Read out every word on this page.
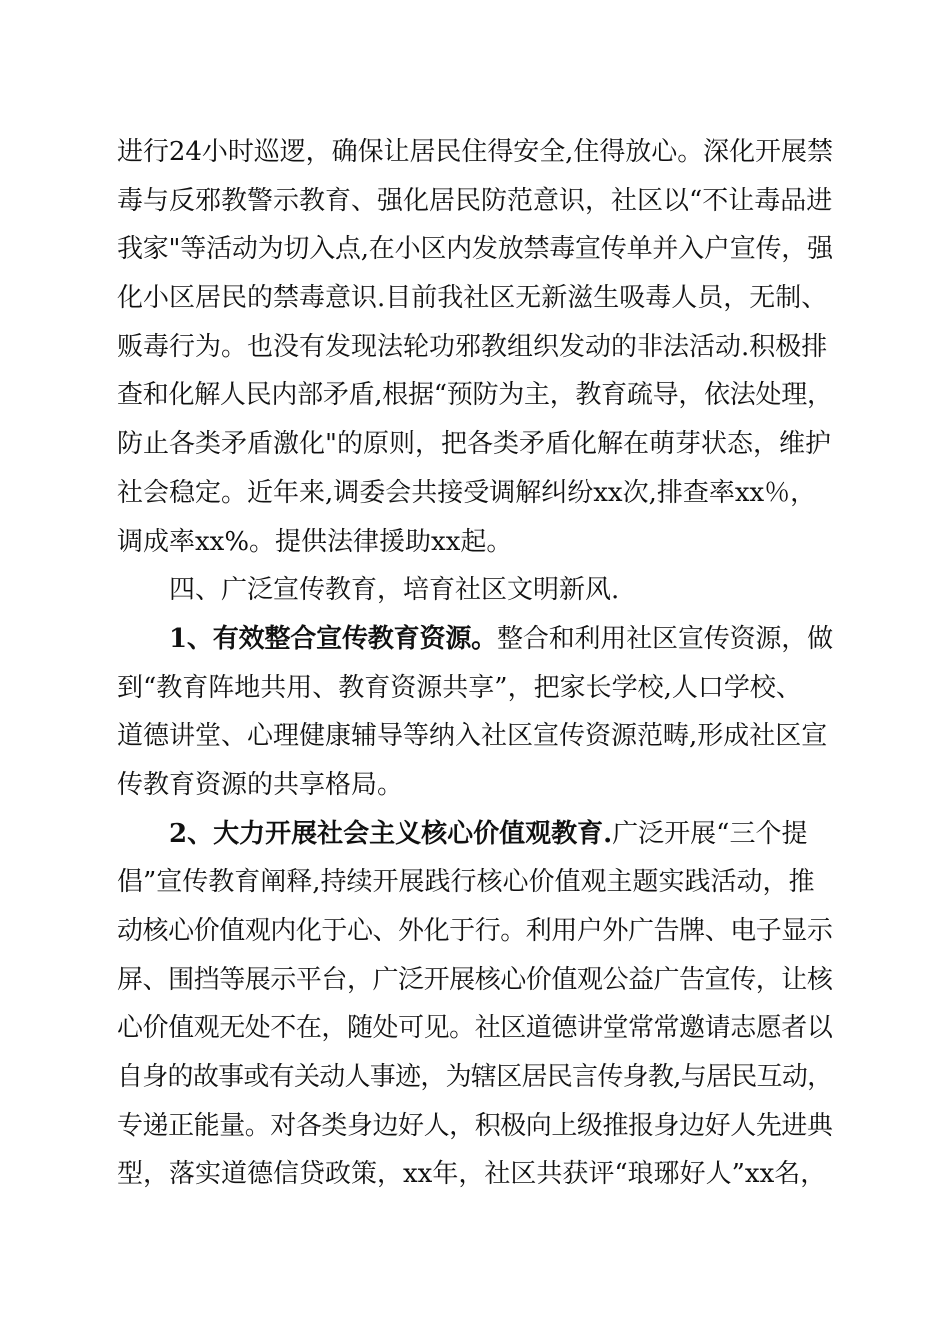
进行24小时巡逻，确保让居民住得安全,住得放心。深化开展禁
毒与反邪教警示教育、强化居民防范意识，社区以“不让毒品进
我家"等活动为切入点,在小区内发放禁毒宣传单并入户宣传，强
化小区居民的禁毒意识.目前我社区无新滋生吸毒人员，无制、
贩毒行为。也没有发现法轮功邪教组织发动的非法活动.积极排
查和化解人民内部矛盾,根据“预防为主，教育疏导，依法处理，
防止各类矛盾激化"的原则，把各类矛盾化解在萌芽状态，维护
社会稳定。近年来,调委会共接受调解纠纷xx次,排查率xx％，
调成率xx%。提供法律援助xx起。
四、广泛宣传教育，培育社区文明新风.
1、有效整合宣传教育资源。整合和利用社区宣传资源，做
到“教育阵地共用、教育资源共享”，把家长学校,人口学校、
道德讲堂、心理健康辅导等纳入社区宣传资源范畴,形成社区宣
传教育资源的共享格局。
2、大力开展社会主义核心价值观教育.广泛开展“三个提
倡”宣传教育阐释,持续开展践行核心价值观主题实践活动，推
动核心价值观内化于心、外化于行。利用户外广告牌、电子显示
屏、围挡等展示平台，广泛开展核心价值观公益广告宣传，让核
心价值观无处不在，随处可见。社区道德讲堂常常邀请志愿者以
自身的故事或有关动人事迹，为辖区居民言传身教,与居民互动，
专递正能量。对各类身边好人，积极向上级推报身边好人先进典
型，落实道德信贷政策，xx年，社区共获评“琅琊好人”xx名，
